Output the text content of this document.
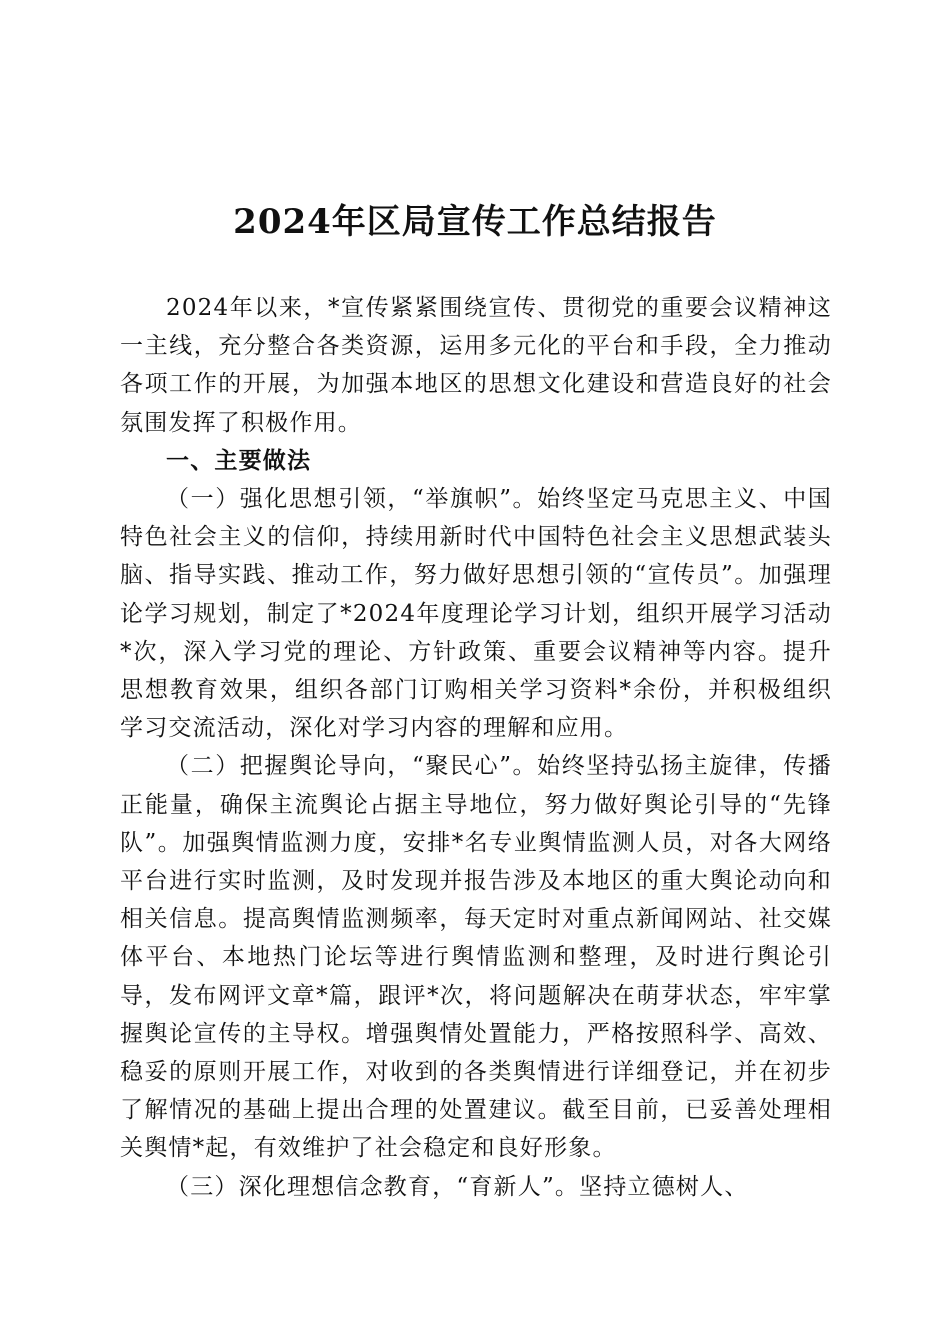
2024年区局宣传工作总结报告

2024年以来，*宣传紧紧围绕宣传、贯彻党的重要会议精神这一主线，充分整合各类资源，运用多元化的平台和手段，全力推动各项工作的开展，为加强本地区的思想文化建设和营造良好的社会氛围发挥了积极作用。

一、主要做法

（一）强化思想引领，“举旗帜”。始终坚定马克思主义、中国特色社会主义的信仰，持续用新时代中国特色社会主义思想武装头脑、指导实践、推动工作，努力做好思想引领的“宣传员”。加强理论学习规划，制定了*2024年度理论学习计划，组织开展学习活动*次，深入学习党的理论、方针政策、重要会议精神等内容。提升思想教育效果，组织各部门订购相关学习资料*余份，并积极组织学习交流活动，深化对学习内容的理解和应用。

（二）把握舆论导向，“聚民心”。始终坚持弘扬主旋律，传播正能量，确保主流舆论占据主导地位，努力做好舆论引导的“先锋队”。加强舆情监测力度，安排*名专业舆情监测人员，对各大网络平台进行实时监测，及时发现并报告涉及本地区的重大舆论动向和相关信息。提高舆情监测频率，每天定时对重点新闻网站、社交媒体平台、本地热门论坛等进行舆情监测和整理，及时进行舆论引导，发布网评文章*篇，跟评*次，将问题解决在萌芽状态，牢牢掌握舆论宣传的主导权。增强舆情处置能力，严格按照科学、高效、稳妥的原则开展工作，对收到的各类舆情进行详细登记，并在初步了解情况的基础上提出合理的处置建议。截至目前，已妥善处理相关舆情*起，有效维护了社会稳定和良好形象。

（三）深化理想信念教育，“育新人”。坚持立德树人、
